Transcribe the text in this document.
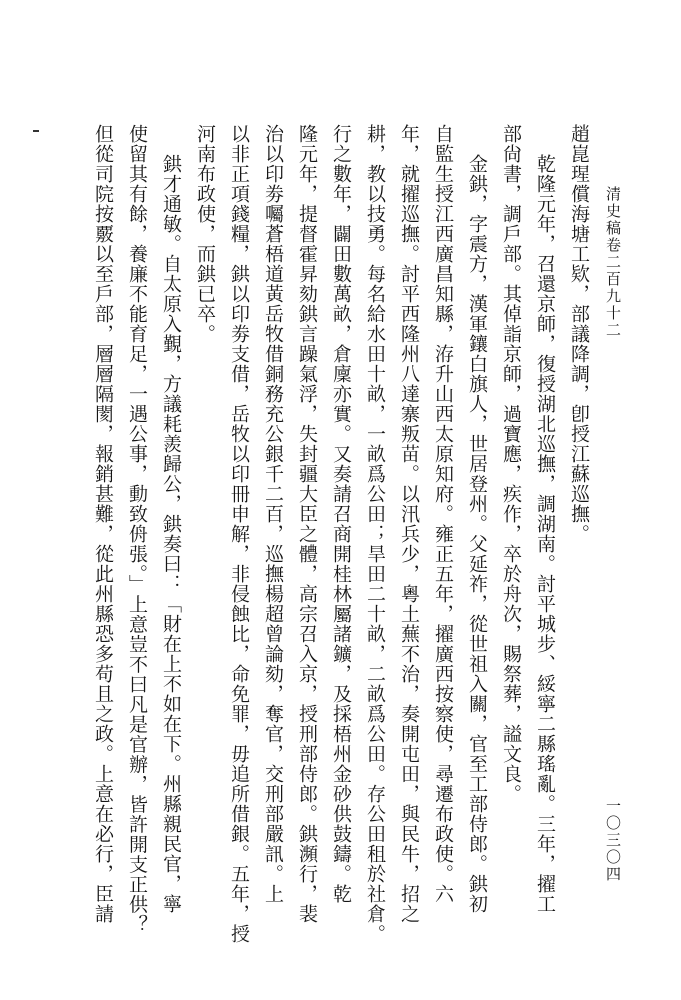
清史稿卷二百九十二
一〇三〇四
趙崑瑆償海塘工欵，部議降調，卽授江蘇巡撫。
乾隆元年，召還京師，復授湖北巡撫，調湖南。討平城步、綏寧二縣瑤亂。三年，擢工
部尙書，調戶部。其倬詣京師，過寶應，疾作，卒於舟次，賜祭葬，謚文良。
金鉷，字震方，漢軍鑲白旗人，世居登州。父延祚，從世祖入關，官至工部侍郎。鉷初
自監生授江西廣昌知縣，洊升山西太原知府。雍正五年，擢廣西按察使，尋遷布政使。六
年，就擢巡撫。討平西隆州八達寨叛苗。以汛兵少，粵土蕪不治，奏開屯田，與民牛，招之
耕，教以技勇。每名給水田十畝，一畝爲公田；旱田二十畝，二畝爲公田。存公田租於社倉。
行之數年，闢田數萬畝，倉廩亦實。又奏請召商開桂林屬諸鑛，及採梧州金砂供鼓鑄。乾
隆元年，提督霍昇劾鉷言躁氣浮，失封疆大臣之體，高宗召入京，授刑部侍郎。鉷瀕行，裴
治以印劵囑蒼梧道黃岳牧借銅務充公銀千二百，巡撫楊超曾論劾，奪官，交刑部嚴訊。上
以非正項錢糧，鉷以印劵支借，岳牧以印冊申解，非侵蝕比，命免罪，毋追所借銀。五年，授
河南布政使，而鉷已卒。
鉷才通敏。自太原入覲，方議耗羨歸公，鉷奏曰：「財在上不如在下。州縣親民官，寧
使留其有餘，養廉不能育足，一遇公事，動致侜張。」上意豈不曰凡是官辦，皆許開支正供？
但從司院按覈以至戶部，層層隔閡，報銷甚難，從此州縣恐多苟且之政。上意在必行，臣請
